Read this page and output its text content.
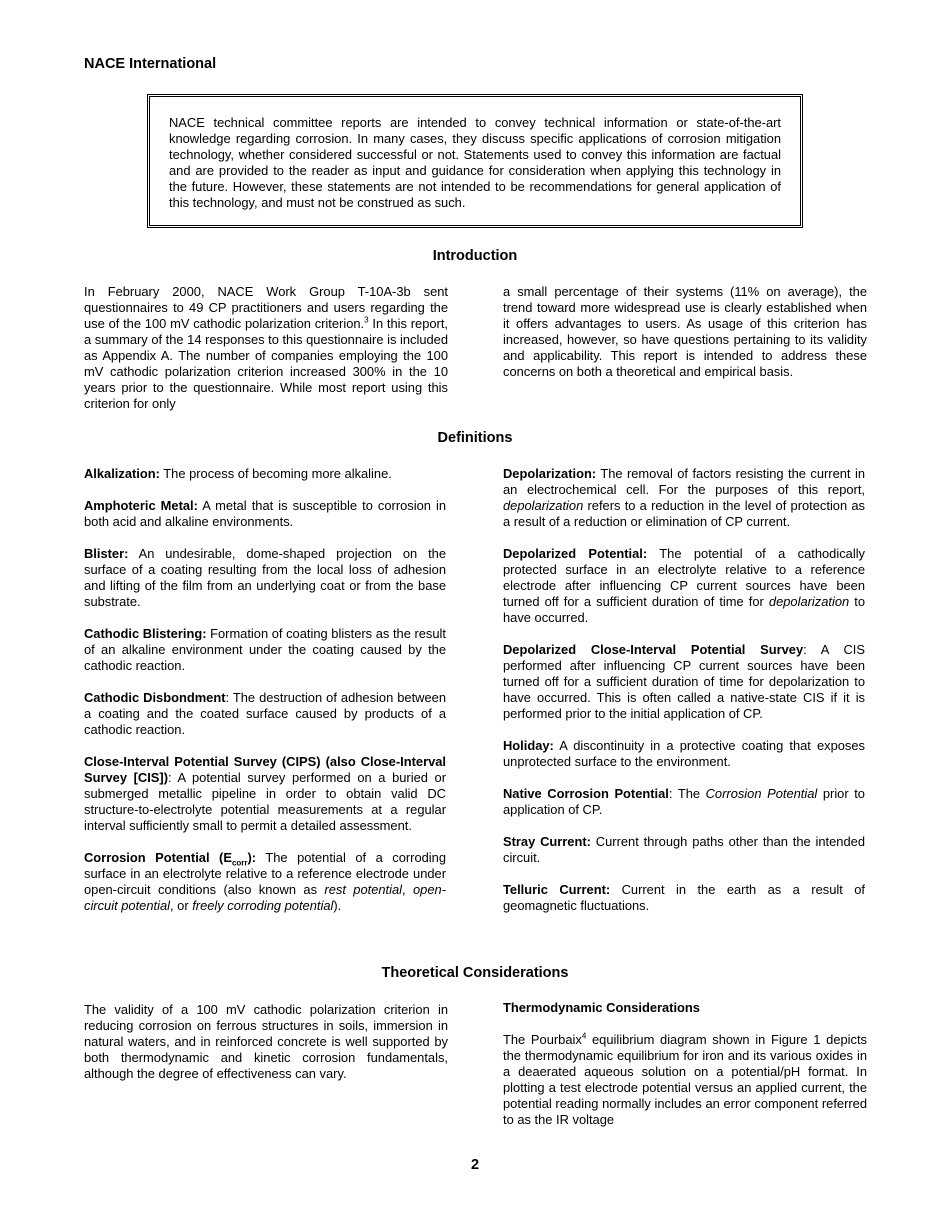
NACE International
NACE technical committee reports are intended to convey technical information or state-of-the-art knowledge regarding corrosion. In many cases, they discuss specific applications of corrosion mitigation technology, whether considered successful or not. Statements used to convey this information are factual and are provided to the reader as input and guidance for consideration when applying this technology in the future. However, these statements are not intended to be recommendations for general application of this technology, and must not be construed as such.
Introduction

In February 2000, NACE Work Group T-10A-3b sent questionnaires to 49 CP practitioners and users regarding the use of the 100 mV cathodic polarization criterion.$^3$ In this report, a summary of the 14 responses to this questionnaire is included as Appendix A. The number of companies employing the 100 mV cathodic polarization criterion increased 300% in the 10 years prior to the questionnaire. While most report using this criterion for only

a small percentage of their systems (11% on average), the trend toward more widespread use is clearly established when it offers advantages to users. As usage of this criterion has increased, however, so have questions pertaining to its validity and applicability. This report is intended to address these concerns on both a theoretical and empirical basis.

Definitions

Alkalization: The process of becoming more alkaline.

Amphoteric Metal: A metal that is susceptible to corrosion in both acid and alkaline environments.

Blister: An undesirable, dome-shaped projection on the surface of a coating resulting from the local loss of adhesion and lifting of the film from an underlying coat or from the base substrate.

Cathodic Blistering: Formation of coating blisters as the result of an alkaline environment under the coating caused by the cathodic reaction.

Cathodic Disbondment: The destruction of adhesion between a coating and the coated surface caused by products of a cathodic reaction.

Close-Interval Potential Survey (CIPS) (also Close-Interval Survey [CIS]): A potential survey performed on a buried or submerged metallic pipeline in order to obtain valid DC structure-to-electrolyte potential measurements at a regular interval sufficiently small to permit a detailed assessment.

Corrosion Potential $(E_{corr})$: The potential of a corroding surface in an electrolyte relative to a reference electrode under open-circuit conditions (also known as rest potential, open-circuit potential, or freely corroding potential).

Depolarization: The removal of factors resisting the current in an electrochemical cell. For the purposes of this report, depolarization refers to a reduction in the level of protection as a result of a reduction or elimination of CP current.

Depolarized Potential: The potential of a cathodically protected surface in an electrolyte relative to a reference electrode after influencing CP current sources have been turned off for a sufficient duration of time for depolarization to have occurred.

Depolarized Close-Interval Potential Survey: A CIS performed after influencing CP current sources have been turned off for a sufficient duration of time for depolarization to have occurred. This is often called a native-state CIS if it is performed prior to the initial application of CP.

Holiday: A discontinuity in a protective coating that exposes unprotected surface to the environment.

Native Corrosion Potential: The Corrosion Potential prior to application of CP.

Stray Current: Current through paths other than the intended circuit.

Telluric Current: Current in the earth as a result of geomagnetic fluctuations.

Theoretical Considerations

The validity of a 100 mV cathodic polarization criterion in reducing corrosion on ferrous structures in soils, immersion in natural waters, and in reinforced concrete is well supported by both thermodynamic and kinetic corrosion fundamentals, although the degree of effectiveness can vary.

Thermodynamic Considerations

The Pourbaix$^4$ equilibrium diagram shown in Figure 1 depicts the thermodynamic equilibrium for iron and its various oxides in a deaerated aqueous solution on a potential/pH format. In plotting a test electrode potential versus an applied current, the potential reading normally includes an error component referred to as the IR voltage

2
